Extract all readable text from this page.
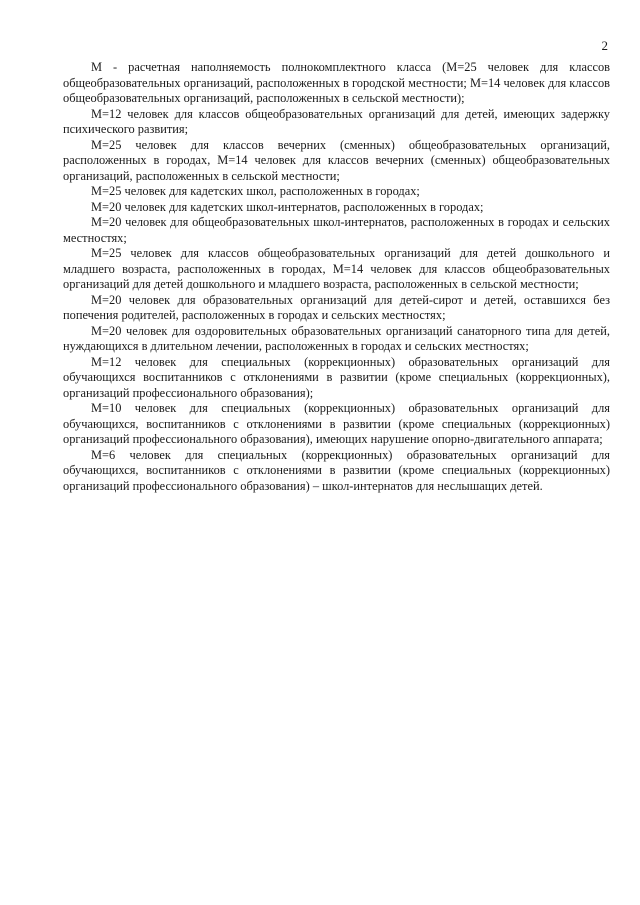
2

М - расчетная наполняемость полнокомплектного класса (М=25 человек для классов общеобразовательных организаций, расположенных в городской местности; М=14 человек для классов общеобразовательных организаций, расположенных в сельской местности);

М=12 человек для классов общеобразовательных организаций для детей, имеющих задержку психического развития;

М=25 человек для классов вечерних (сменных) общеобразовательных организаций, расположенных в городах, М=14 человек для классов вечерних (сменных) общеобразовательных организаций, расположенных в сельской местности;

М=25 человек для кадетских школ, расположенных в городах;

М=20 человек для кадетских школ-интернатов, расположенных в городах;

М=20 человек для общеобразовательных школ-интернатов, расположенных в городах и сельских местностях;

М=25 человек для классов общеобразовательных организаций для детей дошкольного и младшего возраста, расположенных в городах, М=14 человек для классов общеобразовательных организаций для детей дошкольного и младшего возраста, расположенных в сельской местности;

М=20 человек для образовательных организаций для детей-сирот и детей, оставшихся без попечения родителей, расположенных в городах и сельских местностях;

М=20 человек для оздоровительных образовательных организаций санаторного типа для детей, нуждающихся в длительном лечении, расположенных в городах и сельских местностях;

М=12 человек для специальных (коррекционных) образовательных организаций для обучающихся воспитанников с отклонениями в развитии (кроме специальных (коррекционных), организаций профессионального образования);

М=10 человек для специальных (коррекционных) образовательных организаций для обучающихся, воспитанников с отклонениями в развитии (кроме специальных (коррекционных) организаций профессионального образования), имеющих нарушение опорно-двигательного аппарата;

М=6 человек для специальных (коррекционных) образовательных организаций для обучающихся, воспитанников с отклонениями в развитии (кроме специальных (коррекционных) организаций профессионального образования) – школ-интернатов для неслышащих детей.
